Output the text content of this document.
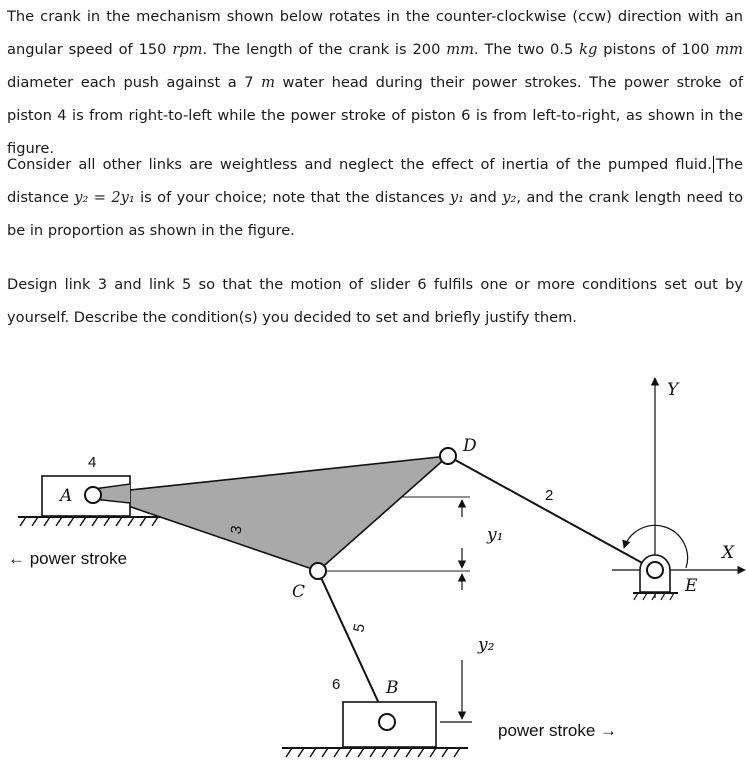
The crank in the mechanism shown below rotates in the counter-clockwise (ccw) direction with an angular speed of 150 rpm. The length of the crank is 200 mm. The two 0.5 kg pistons of 100 mm diameter each push against a 7 m water head during their power strokes. The power stroke of piston 4 is from right-to-left while the power stroke of piston 6 is from left-to-right, as shown in the figure.

Consider all other links are weightless and neglect the effect of inertia of the pumped fluid. The distance y₂ = 2y₁ is of your choice; note that the distances y₁ and y₂, and the crank length need to be in proportion as shown in the figure.

Design link 3 and link 5 so that the motion of slider 6 fulfils one or more conditions set out by yourself. Describe the condition(s) you decided to set and briefly justify them.

A
D
C
B
E
X
Y
y₁
y₂
4
3
2
5
6
← power stroke
power stroke →
